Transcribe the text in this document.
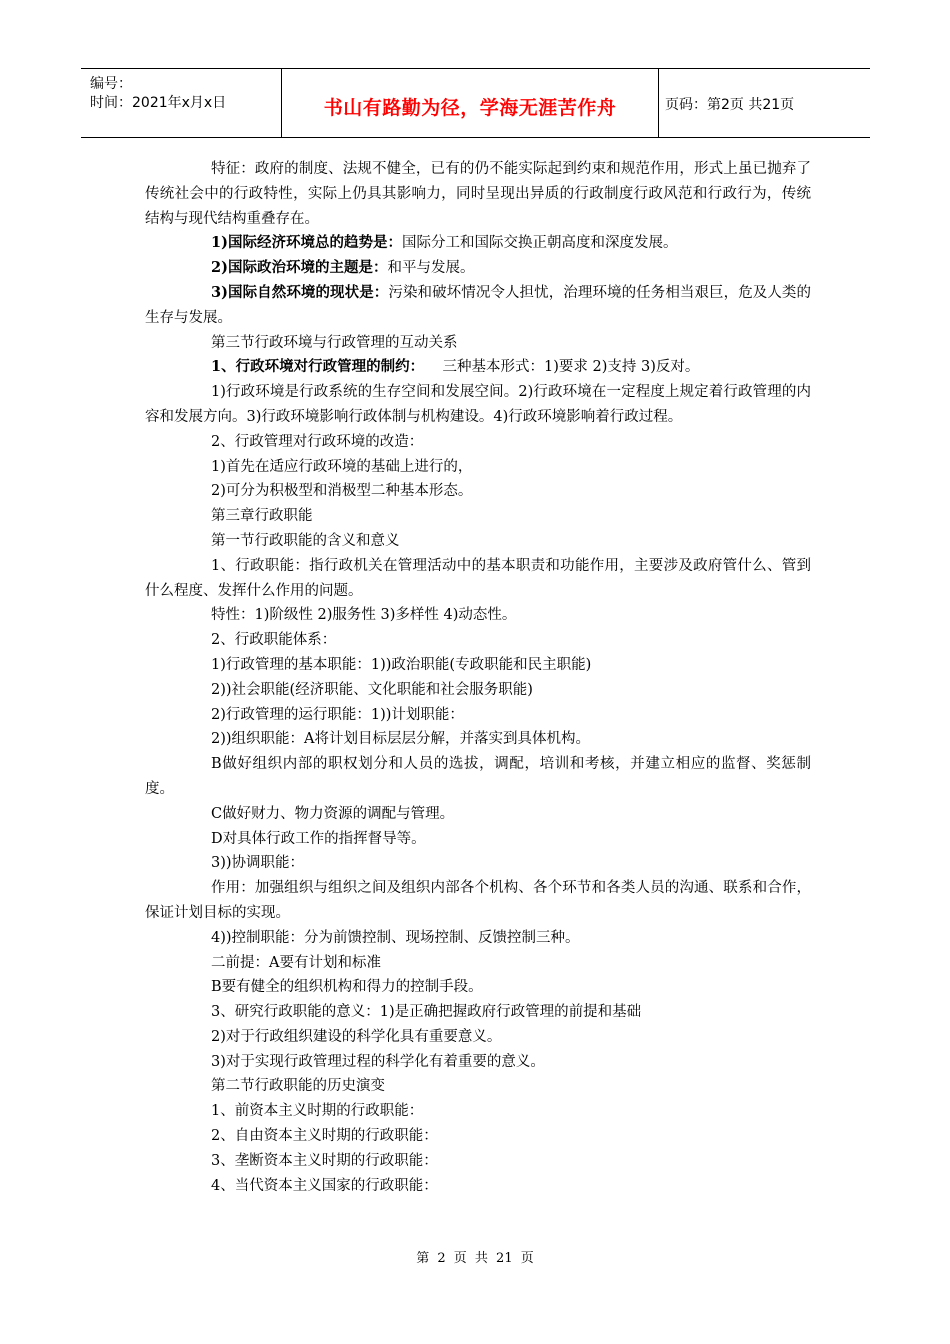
编号：
时间：2021年x月x日	书山有路勤为径，学海无涯苦作舟	页码：第2页 共21页

特征：政府的制度、法规不健全，已有的仍不能实际起到约束和规范作用，形式上虽已抛弃了传统社会中的行政特性，实际上仍具其影响力，同时呈现出异质的行政制度行政风范和行政行为，传统结构与现代结构重叠存在。

1)国际经济环境总的趋势是：国际分工和国际交换正朝高度和深度发展。

2)国际政治环境的主题是：和平与发展。

3)国际自然环境的现状是：污染和破坏情况令人担忧，治理环境的任务相当艰巨，危及人类的生存与发展。

第三节行政环境与行政管理的互动关系

1、行政环境对行政管理的制约：    三种基本形式：1)要求 2)支持 3)反对。

1)行政环境是行政系统的生存空间和发展空间。2)行政环境在一定程度上规定着行政管理的内容和发展方向。3)行政环境影响行政体制与机构建设。4)行政环境影响着行政过程。

2、行政管理对行政环境的改造：

1)首先在适应行政环境的基础上进行的，

2)可分为积极型和消极型二种基本形态。

第三章行政职能

第一节行政职能的含义和意义

1、行政职能：指行政机关在管理活动中的基本职责和功能作用，主要涉及政府管什么、管到什么程度、发挥什么作用的问题。

特性：1)阶级性 2)服务性 3)多样性 4)动态性。

2、行政职能体系：

1)行政管理的基本职能：1))政治职能(专政职能和民主职能)

2))社会职能(经济职能、文化职能和社会服务职能)

2)行政管理的运行职能：1))计划职能：

2))组织职能：A将计划目标层层分解，并落实到具体机构。

B做好组织内部的职权划分和人员的选拔，调配，培训和考核，并建立相应的监督、奖惩制度。

C做好财力、物力资源的调配与管理。

D对具体行政工作的指挥督导等。

3))协调职能：

作用：加强组织与组织之间及组织内部各个机构、各个环节和各类人员的沟通、联系和合作，保证计划目标的实现。

4))控制职能：分为前馈控制、现场控制、反馈控制三种。

二前提：A要有计划和标准

B要有健全的组织机构和得力的控制手段。

3、研究行政职能的意义：1)是正确把握政府行政管理的前提和基础

2)对于行政组织建设的科学化具有重要意义。

3)对于实现行政管理过程的科学化有着重要的意义。

第二节行政职能的历史演变

1、前资本主义时期的行政职能：

2、自由资本主义时期的行政职能：

3、垄断资本主义时期的行政职能：

4、当代资本主义国家的行政职能：

第 2 页 共 21 页
